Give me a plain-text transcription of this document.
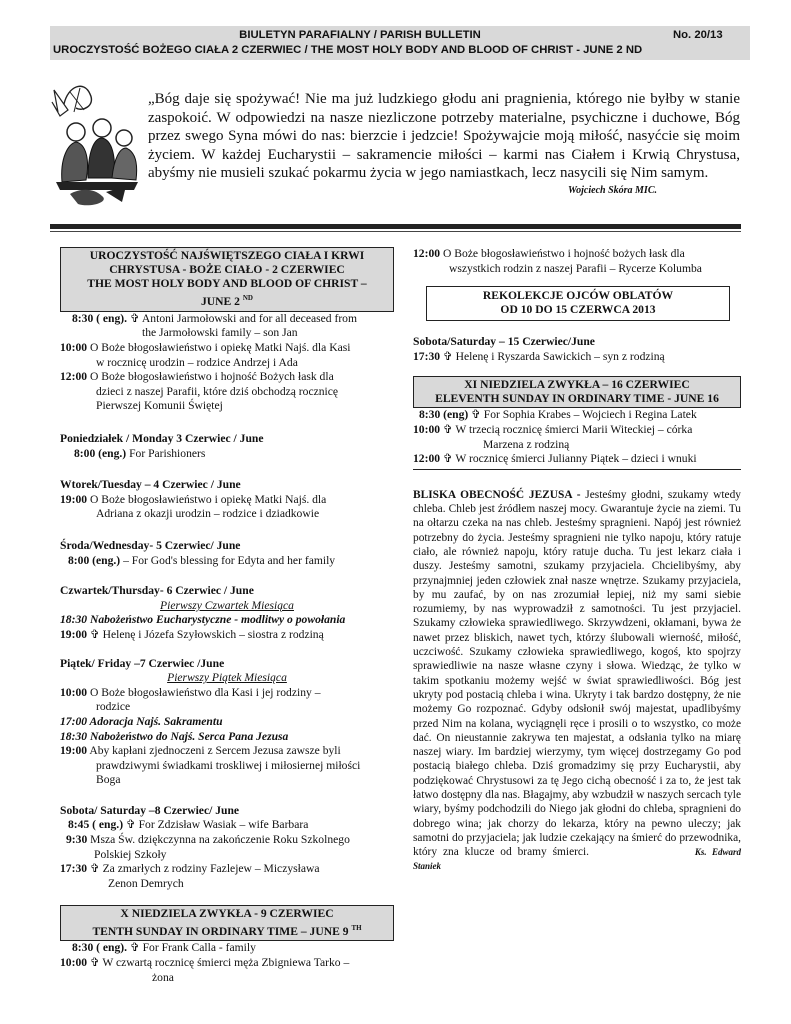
BIULETYN PARAFIALNY / PARISH BULLETIN	No. 20/13
UROCZYSTOŚĆ BOŻEGO CIAŁA 2 CZERWIEC / THE MOST HOLY BODY AND BLOOD OF CHRIST - JUNE 2 ND
„Bóg daje się spożywać! Nie ma już ludzkiego głodu ani pragnienia, którego nie byłby w stanie zaspokoić. W odpowiedzi na nasze niezliczone potrzeby materialne, psychiczne i duchowe, Bóg przez swego Syna mówi do nas: bierzcie i jedzcie! Spożywajcie moją miłość, nasyćcie się moim życiem. W każdej Eucharystii – sakramencie miłości – karmi nas Ciałem i Krwią Chrystusa, abyśmy nie musieli szukać pokarmu życia w jego namiastkach, lecz nasycili się Nim samym.
Wojciech Skóra MIC.
UROCZYSTOŚĆ NAJŚWIĘTSZEGO CIAŁA I KRWI
CHRYSTUSA - BOŻE CIAŁO - 2 CZERWIEC
THE MOST HOLY BODY AND BLOOD OF CHRIST –
JUNE 2 $^{ND}$
8:30 ( eng). ✞ Antoni Jarmołowski and for all deceased from
the Jarmołowski family – son Jan
10:00 O Boże błogosławieństwo i opiekę Matki Najś. dla Kasi
w rocznicę urodzin – rodzice Andrzej i Ada
12:00 O Boże błogosławieństwo i hojność Bożych łask dla
dzieci z naszej Parafii, które dziś obchodzą rocznicę
Pierwszej Komunii Świętej
Poniedziałek / Monday 3 Czerwiec / June
8:00 (eng.) For Parishioners
Wtorek/Tuesday – 4 Czerwiec / June
19:00 O Boże błogosławieństwo i opiekę Matki Najś. dla
Adriana z okazji urodzin – rodzice i dziadkowie
Środa/Wednesday- 5 Czerwiec/ June
8:00 (eng.) – For God's blessing for Edyta and her family
Czwartek/Thursday- 6 Czerwiec / June
Pierwszy Czwartek Miesiąca
18:30 Nabożeństwo Eucharystyczne - modlitwy o powołania
19:00 ✞ Helenę i Józefa Szyłowskich – siostra z rodziną
Piątek/ Friday –7 Czerwiec /June
Pierwszy Piątek Miesiąca
10:00 O Boże błogosławieństwo dla Kasi i jej rodziny –
rodzice
17:00 Adoracja Najś. Sakramentu
18:30 Nabożeństwo do Najś. Serca Pana Jezusa
19:00 Aby kapłani zjednoczeni z Sercem Jezusa zawsze byli
prawdziwymi świadkami troskliwej i miłosiernej miłości
Boga
Sobota/ Saturday –8 Czerwiec/ June
8:45 ( eng.) ✞ For Zdzisław Wasiak – wife Barbara
9:30 Msza Św. dziękczynna na zakończenie Roku Szkolnego
Polskiej Szkoły
17:30 ✞ Za zmarłych z rodziny Fazlejew – Miczysława
Zenon Demrych
X NIEDZIELA ZWYKŁA - 9 CZERWIEC
TENTH SUNDAY IN ORDINARY TIME – JUNE 9 $^{TH}$
8:30 ( eng). ✞ For Frank Calla - family
10:00 ✞ W czwartą rocznicę śmierci męża Zbigniewa Tarko –
żona
12:00 O Boże błogosławieństwo i hojność bożych łask dla
wszystkich rodzin z naszej Parafii – Rycerze Kolumba
REKOLEKCJE OJCÓW OBLATÓW
OD 10 DO 15 CZERWCA 2013
Sobota/Saturday – 15 Czerwiec/June
17:30 ✞ Helenę i Ryszarda Sawickich – syn z rodziną
XI NIEDZIELA ZWYKŁA – 16 CZERWIEC
ELEVENTH SUNDAY IN ORDINARY TIME - JUNE 16
8:30 (eng) ✞ For Sophia Krabes – Wojciech i Regina Latek
10:00 ✞ W trzecią rocznicę śmierci Marii Witeckiej – córka
Marzena z rodziną
12:00 ✞ W rocznicę śmierci Julianny Piątek – dzieci i wnuki
BLISKA OBECNOŚĆ JEZUSA - Jesteśmy głodni, szukamy wtedy chleba. Chleb jest źródłem naszej mocy. Gwarantuje życie na ziemi. Tu na ołtarzu czeka na nas chleb. Jesteśmy spragnieni. Napój jest również potrzebny do życia. Jesteśmy spragnieni nie tylko napoju, który ratuje ciało, ale również napoju, który ratuje ducha. Tu jest lekarz ciała i duszy. Jesteśmy samotni, szukamy przyjaciela. Chcielibyśmy, aby przynajmniej jeden człowiek znał nasze wnętrze. Szukamy przyjaciela, by mu zaufać, by on nas zrozumiał lepiej, niż my sami siebie rozumiemy, by nas wyprowadził z samotności. Tu jest przyjaciel. Szukamy człowieka sprawiedliwego. Skrzywdzeni, okłamani, bywa że nawet przez bliskich, nawet tych, którzy ślubowali wierność, miłość, uczciwość. Szukamy człowieka sprawiedliwego, kogoś, kto spojrzy sprawiedliwie na nasze własne czyny i słowa. Wiedząc, że tylko w takim spotkaniu możemy wejść w świat sprawiedliwości. Bóg jest ukryty pod postacią chleba i wina. Ukryty i tak bardzo dostępny, że nie możemy Go rozpoznać. Gdyby odsłonił swój majestat, upadlibyśmy przed Nim na kolana, wyciągnęli ręce i prosili o to wszystko, co może dać. On nieustannie zakrywa ten majestat, a odsłania tylko na miarę naszej wiary. Im bardziej wierzymy, tym więcej dostrzegamy Go pod postacią białego chleba. Dziś gromadzimy się przy Eucharystii, aby podziękować Chrystusowi za tę Jego cichą obecność i za to, że jest tak łatwo dostępny dla nas. Błagajmy, aby wzbudził w naszych sercach tyle wiary, byśmy podchodzili do Niego jak głodni do chleba, spragnieni do dobrego wina; jak chorzy do lekarza, który na pewno uleczy; jak samotni do przyjaciela; jak ludzie czekający na śmierć do przewodnika, który zna klucze od bramy śmierci.	Ks. Edward Staniek
